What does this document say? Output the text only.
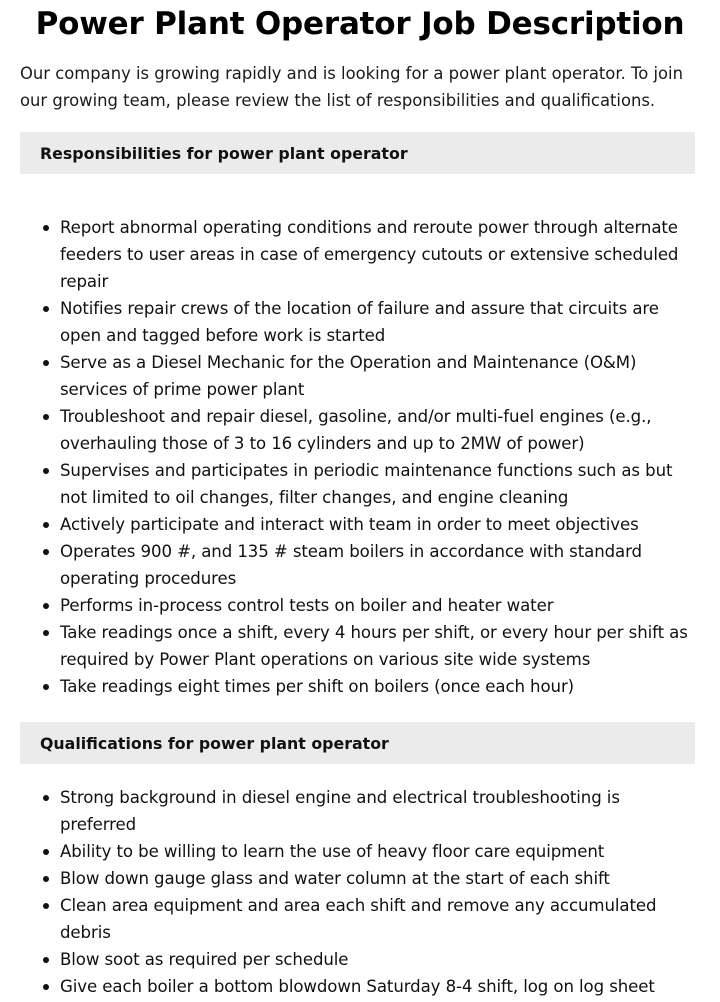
Power Plant Operator Job Description

Our company is growing rapidly and is looking for a power plant operator. To join our growing team, please review the list of responsibilities and qualifications.

Responsibilities for power plant operator
Report abnormal operating conditions and reroute power through alternate feeders to user areas in case of emergency cutouts or extensive scheduled repair
Notifies repair crews of the location of failure and assure that circuits are open and tagged before work is started
Serve as a Diesel Mechanic for the Operation and Maintenance (O&M) services of prime power plant
Troubleshoot and repair diesel, gasoline, and/or multi-fuel engines (e.g., overhauling those of 3 to 16 cylinders and up to 2MW of power)
Supervises and participates in periodic maintenance functions such as but not limited to oil changes, filter changes, and engine cleaning
Actively participate and interact with team in order to meet objectives
Operates 900 #, and 135 # steam boilers in accordance with standard operating procedures
Performs in-process control tests on boiler and heater water
Take readings once a shift, every 4 hours per shift, or every hour per shift as required by Power Plant operations on various site wide systems
Take readings eight times per shift on boilers (once each hour)
Qualifications for power plant operator
Strong background in diesel engine and electrical troubleshooting is preferred
Ability to be willing to learn the use of heavy floor care equipment
Blow down gauge glass and water column at the start of each shift
Clean area equipment and area each shift and remove any accumulated debris
Blow soot as required per schedule
Give each boiler a bottom blowdown Saturday 8-4 shift, log on log sheet
